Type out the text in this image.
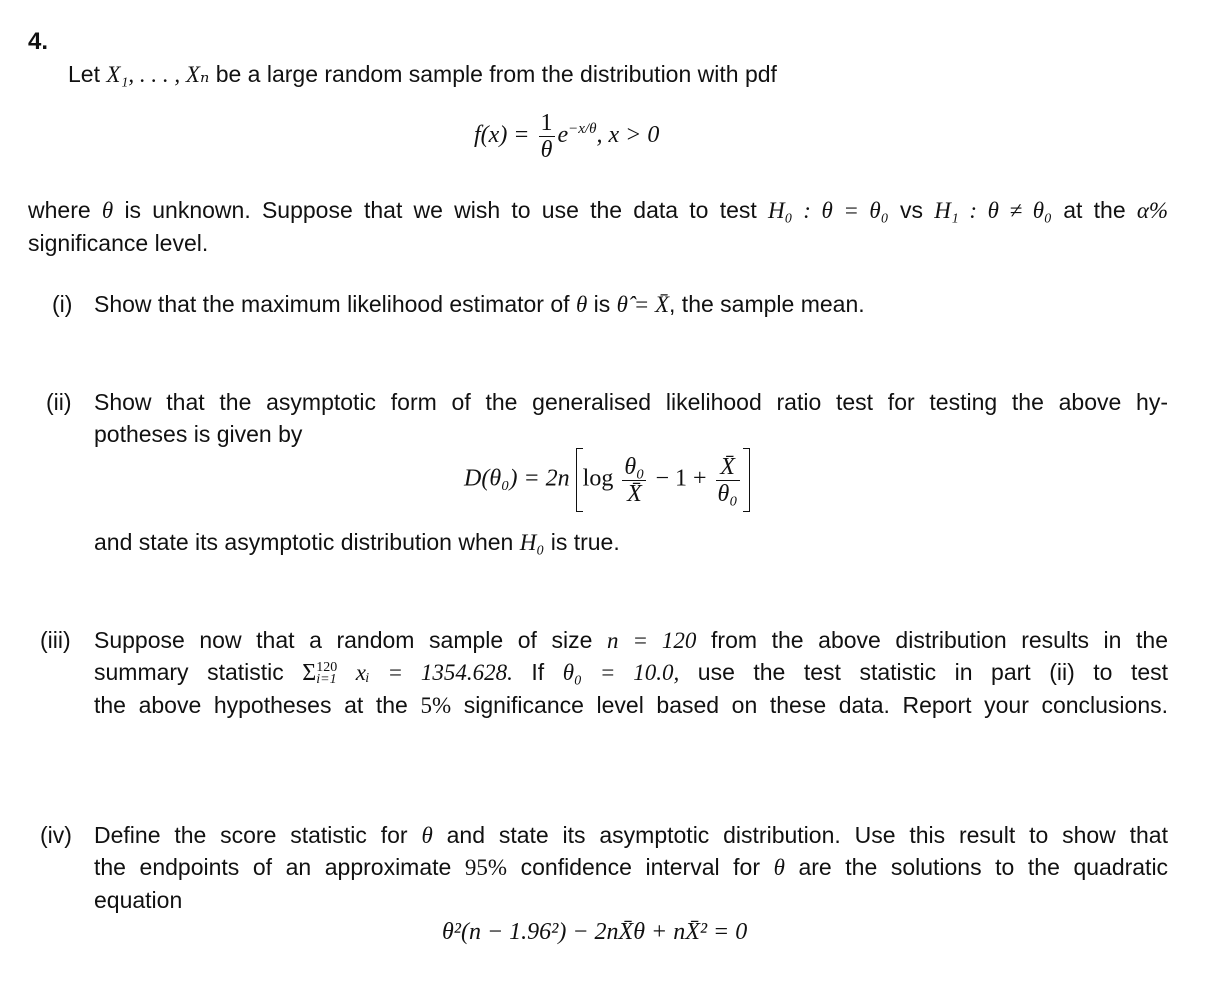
4.
Let X₁, . . . , Xₙ be a large random sample from the distribution with pdf
$f(x) = \frac{1}{\theta} e^{-x/\theta}$, x > 0
where θ is unknown. Suppose that we wish to use the data to test H₀ : θ = θ₀ vs H₁ : θ ≠ θ₀ at the α%
significance level.
(i) Show that the maximum likelihood estimator of θ is θ̂ = X̄, the sample mean.
(ii) Show that the asymptotic form of the generalised likelihood ratio test for testing the above hy-
potheses is given by
D(θ₀) = 2n $\log \frac{\text{θ₀}}{X̄} - 1 + \frac{X̄}{\text{θ₀}}$
and state its asymptotic distribution when H₀ is true.
(iii) Suppose now that a random sample of size n = 120 from the above distribution results in the
summary statistic Σ 120
i=1 xᵢ = 1354.628. If θ₀ = 10.0, use the test statistic in part (ii) to test
the above hypotheses at the 5% significance level based on these data. Report your conclusions.
(iv) Define the score statistic for θ and state its asymptotic distribution. Use this result to show that
the endpoints of an approximate 95% confidence interval for θ are the solutions to the quadratic
equation
θ²(n − 1.96²) − 2nX̄θ + nX̄² = 0
